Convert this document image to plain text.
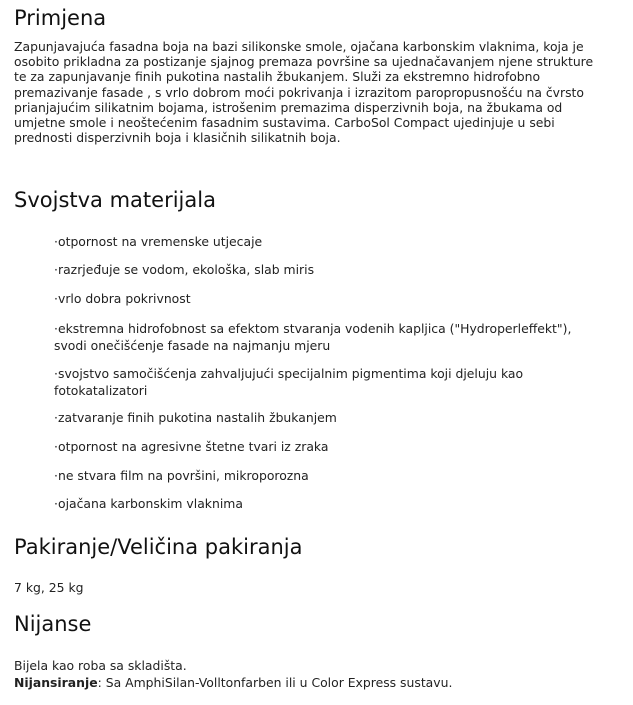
Primjena

Zapunjavajuća fasadna boja na bazi silikonske smole, ojačana karbonskim vlaknima, koja je osobito prikladna za postizanje sjajnog premaza površine sa ujednačavanjem njene strukture te za zapunjavanje finih pukotina nastalih žbukanjem. Služi za ekstremno hidrofobno premazivanje fasade , s vrlo dobrom moći pokrivanja i izrazitom paropropusnošću na čvrsto prianjajućim silikatnim bojama, istrošenim premazima disperzivnih boja, na žbukama od umjetne smole i neoštećenim fasadnim sustavima. CarboSol Compact ujedinjuje u sebi prednosti disperzivnih boja i klasičnih silikatnih boja.

Svojstva materijala
·otpornost na vremenske utjecaje
·razrjeđuje se vodom, ekološka, slab miris
·vrlo dobra pokrivnost
·ekstremna hidrofobnost sa efektom stvaranja vodenih kapljica ("Hydroperleffekt"), svodi onečišćenje fasade na najmanju mjeru
·svojstvo samočišćenja zahvaljujući specijalnim pigmentima koji djeluju kao fotokatalizatori
·zatvaranje finih pukotina nastalih žbukanjem
·otpornost na agresivne štetne tvari iz zraka
·ne stvara film na površini, mikroporozna
·ojačana karbonskim vlaknima
Pakiranje/Veličina pakiranja

7 kg, 25 kg

Nijanse

Bijela kao roba sa skladišta.

Nijansiranje: Sa AmphiSilan-Volltonfarben ili u Color Express sustavu.
